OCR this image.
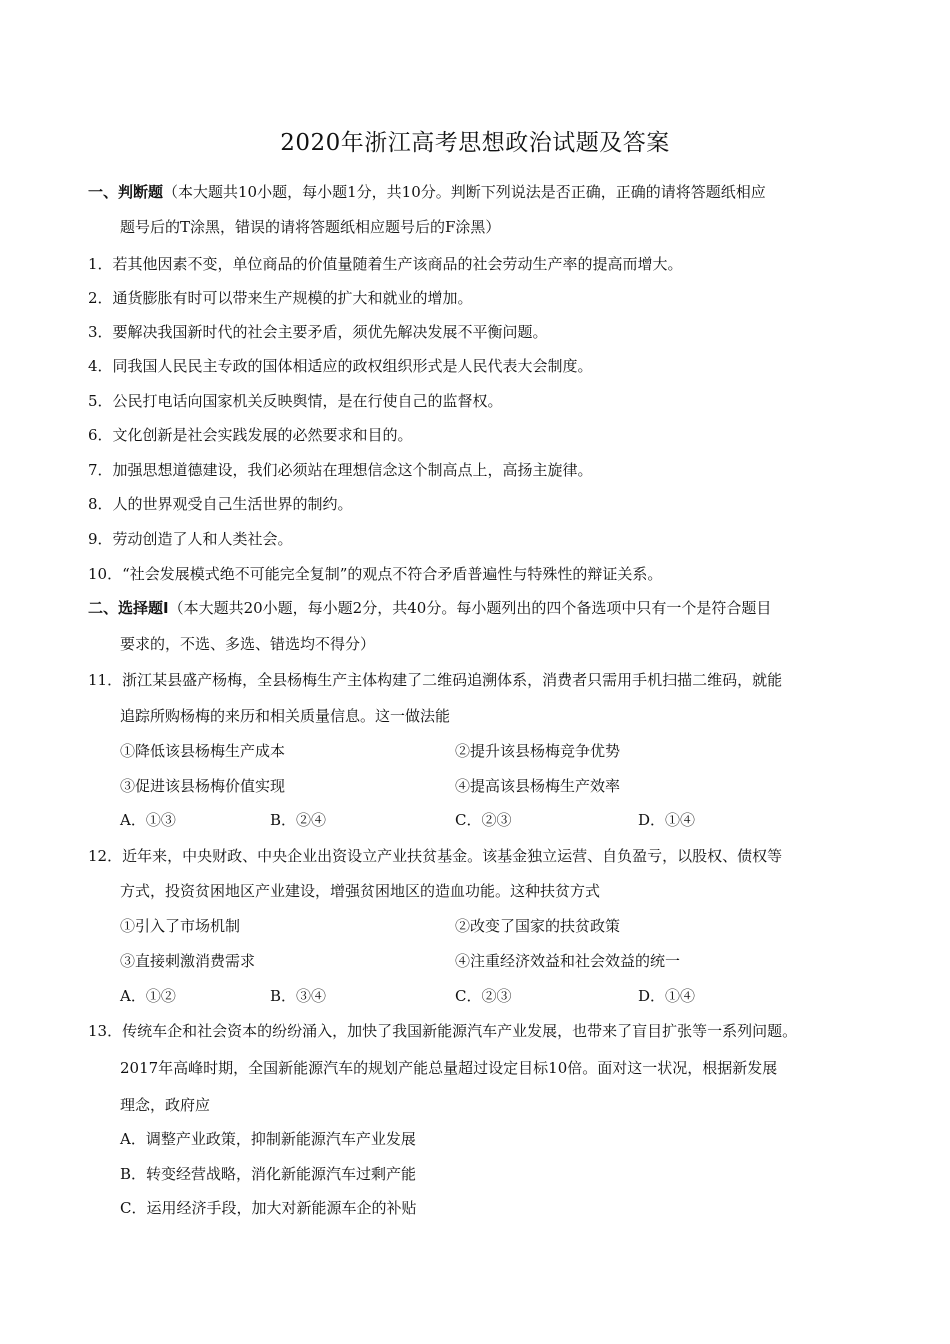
2020年浙江高考思想政治试题及答案
一、判断题（本大题共10小题，每小题1分，共10分。判断下列说法是否正确，正确的请将答题纸相应
题号后的T涂黑，错误的请将答题纸相应题号后的F涂黑）
1．若其他因素不变，单位商品的价值量随着生产该商品的社会劳动生产率的提高而增大。
2．通货膨胀有时可以带来生产规模的扩大和就业的增加。
3．要解决我国新时代的社会主要矛盾，须优先解决发展不平衡问题。
4．同我国人民民主专政的国体相适应的政权组织形式是人民代表大会制度。
5．公民打电话向国家机关反映舆情，是在行使自己的监督权。
6．文化创新是社会实践发展的必然要求和目的。
7．加强思想道德建设，我们必须站在理想信念这个制高点上，高扬主旋律。
8．人的世界观受自己生活世界的制约。
9．劳动创造了人和人类社会。
10．“社会发展模式绝不可能完全复制”的观点不符合矛盾普遍性与特殊性的辩证关系。
二、选择题Ⅰ（本大题共20小题，每小题2分，共40分。每小题列出的四个备选项中只有一个是符合题目
要求的，不选、多选、错选均不得分）
11．浙江某县盛产杨梅，全县杨梅生产主体构建了二维码追溯体系，消费者只需用手机扫描二维码，就能
追踪所购杨梅的来历和相关质量信息。这一做法能
①降低该县杨梅生产成本	②提升该县杨梅竞争优势
③促进该县杨梅价值实现	④提高该县杨梅生产效率
A．①③	B．②④	C．②③	D．①④
12．近年来，中央财政、中央企业出资设立产业扶贫基金。该基金独立运营、自负盈亏，以股权、债权等
方式，投资贫困地区产业建设，增强贫困地区的造血功能。这种扶贫方式
①引入了市场机制	②改变了国家的扶贫政策
③直接刺激消费需求	④注重经济效益和社会效益的统一
A．①②	B．③④	C．②③	D．①④
13．传统车企和社会资本的纷纷涌入，加快了我国新能源汽车产业发展，也带来了盲目扩张等一系列问题。
2017年高峰时期，全国新能源汽车的规划产能总量超过设定目标10倍。面对这一状况，根据新发展
理念，政府应
A．调整产业政策，抑制新能源汽车产业发展
B．转变经营战略，消化新能源汽车过剩产能
C．运用经济手段，加大对新能源车企的补贴
